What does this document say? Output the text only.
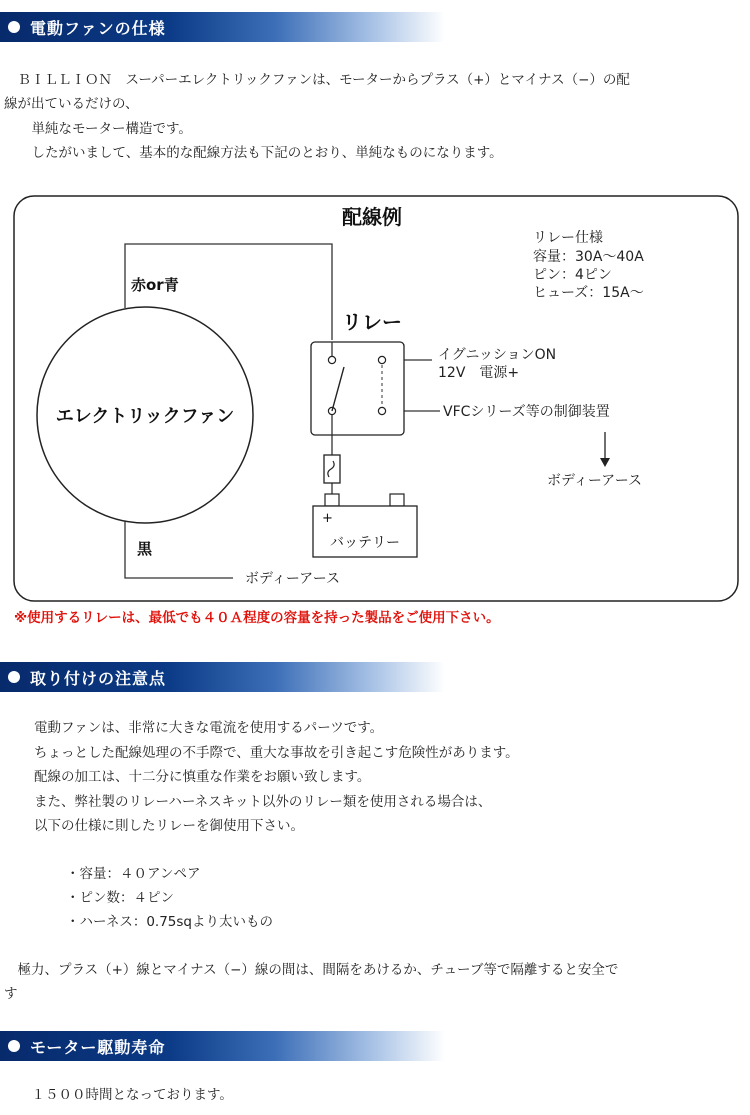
電動ファンの仕様

　ＢＩＬＬＩＯＮ　スーパーエレクトリックファンは、モーターからプラス（+）とマイナス（−）の配

線が出ているだけの、

　単純なモーター構造です。

　したがいまして、基本的な配線方法も下記のとおり、単純なものになります。

配線例
リレー仕様
容量：30A〜40A
ピン：4ピン
ヒューズ：15A〜
赤or青
黒
エレクトリックファン
リレー
+
バッテリー
イグニッションON
12V　電源+
VFCシリーズ等の制御装置
ボディーアース
ボディーアース
※使用するリレーは、最低でも４０Ａ程度の容量を持った製品をご使用下さい。
取り付けの注意点

電動ファンは、非常に大きな電流を使用するパーツです。

ちょっとした配線処理の不手際で、重大な事故を引き起こす危険性があります。

配線の加工は、十二分に慎重な作業をお願い致します。

また、弊社製のリレーハーネスキット以外のリレー類を使用される場合は、

以下の仕様に則したリレーを御使用下さい。

・容量：４０アンペア

・ピン数：４ピン

・ハーネス：0.75sqより太いもの

　極力、プラス（+）線とマイナス（−）線の間は、間隔をあけるか、チューブ等で隔離すると安全で

す

モーター駆動寿命

　１５００時間となっております。
